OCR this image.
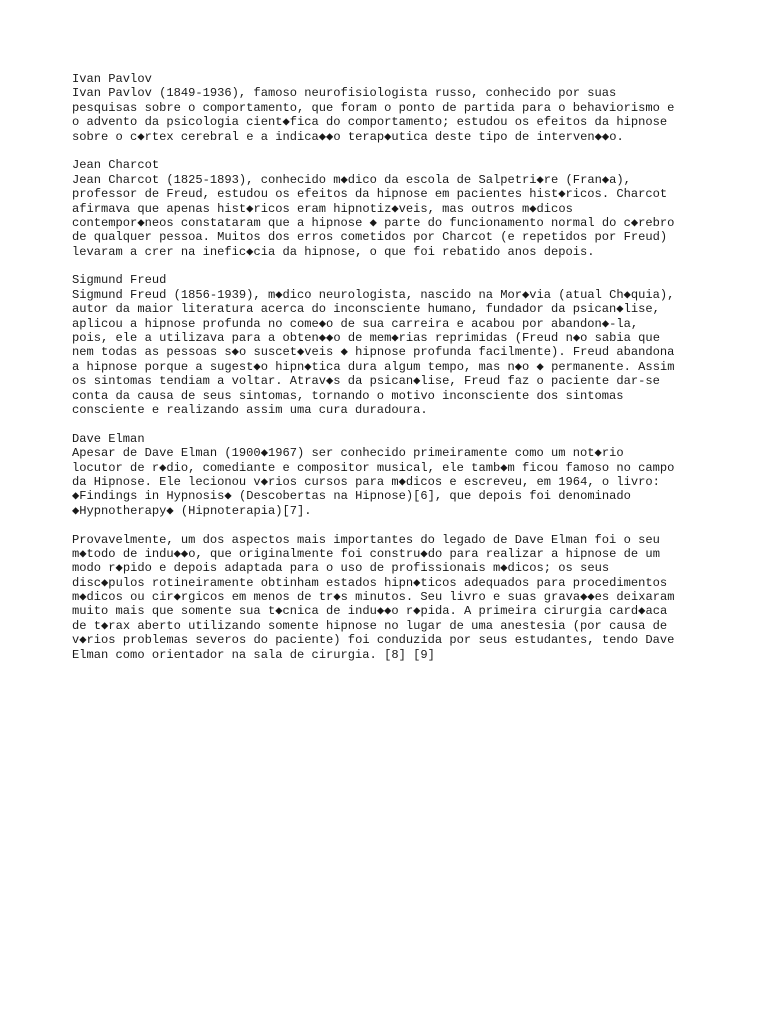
Ivan Pavlov
Ivan Pavlov (1849-1936), famoso neurofisiologista russo, conhecido por suas
pesquisas sobre o comportamento, que foram o ponto de partida para o behaviorismo e
o advento da psicologia cient◆fica do comportamento; estudou os efeitos da hipnose
sobre o c◆rtex cerebral e a indica◆◆o terap◆utica deste tipo de interven◆◆o.
Jean Charcot
Jean Charcot (1825-1893), conhecido m◆dico da escola de Salpetri◆re (Fran◆a),
professor de Freud, estudou os efeitos da hipnose em pacientes hist◆ricos. Charcot
afirmava que apenas hist◆ricos eram hipnotiz◆veis, mas outros m◆dicos
contempor◆neos constataram que a hipnose ◆ parte do funcionamento normal do c◆rebro
de qualquer pessoa. Muitos dos erros cometidos por Charcot (e repetidos por Freud)
levaram a crer na inefic◆cia da hipnose, o que foi rebatido anos depois.
Sigmund Freud
Sigmund Freud (1856-1939), m◆dico neurologista, nascido na Mor◆via (atual Ch◆quia),
autor da maior literatura acerca do inconsciente humano, fundador da psican◆lise,
aplicou a hipnose profunda no come◆o de sua carreira e acabou por abandon◆-la,
pois, ele a utilizava para a obten◆◆o de mem◆rias reprimidas (Freud n◆o sabia que
nem todas as pessoas s◆o suscet◆veis ◆ hipnose profunda facilmente). Freud abandona
a hipnose porque a sugest◆o hipn◆tica dura algum tempo, mas n◆o ◆ permanente. Assim
os sintomas tendiam a voltar. Atrav◆s da psican◆lise, Freud faz o paciente dar-se
conta da causa de seus sintomas, tornando o motivo inconsciente dos sintomas
consciente e realizando assim uma cura duradoura.
Dave Elman
Apesar de Dave Elman (1900◆1967) ser conhecido primeiramente como um not◆rio
locutor de r◆dio, comediante e compositor musical, ele tamb◆m ficou famoso no campo
da Hipnose. Ele lecionou v◆rios cursos para m◆dicos e escreveu, em 1964, o livro:
◆Findings in Hypnosis◆ (Descobertas na Hipnose)[6], que depois foi denominado
◆Hypnotherapy◆ (Hipnoterapia)[7].
Provavelmente, um dos aspectos mais importantes do legado de Dave Elman foi o seu
m◆todo de indu◆◆o, que originalmente foi constru◆do para realizar a hipnose de um
modo r◆pido e depois adaptada para o uso de profissionais m◆dicos; os seus
disc◆pulos rotineiramente obtinham estados hipn◆ticos adequados para procedimentos
m◆dicos ou cir◆rgicos em menos de tr◆s minutos. Seu livro e suas grava◆◆es deixaram
muito mais que somente sua t◆cnica de indu◆◆o r◆pida. A primeira cirurgia card◆aca
de t◆rax aberto utilizando somente hipnose no lugar de uma anestesia (por causa de
v◆rios problemas severos do paciente) foi conduzida por seus estudantes, tendo Dave
Elman como orientador na sala de cirurgia. [8] [9]
